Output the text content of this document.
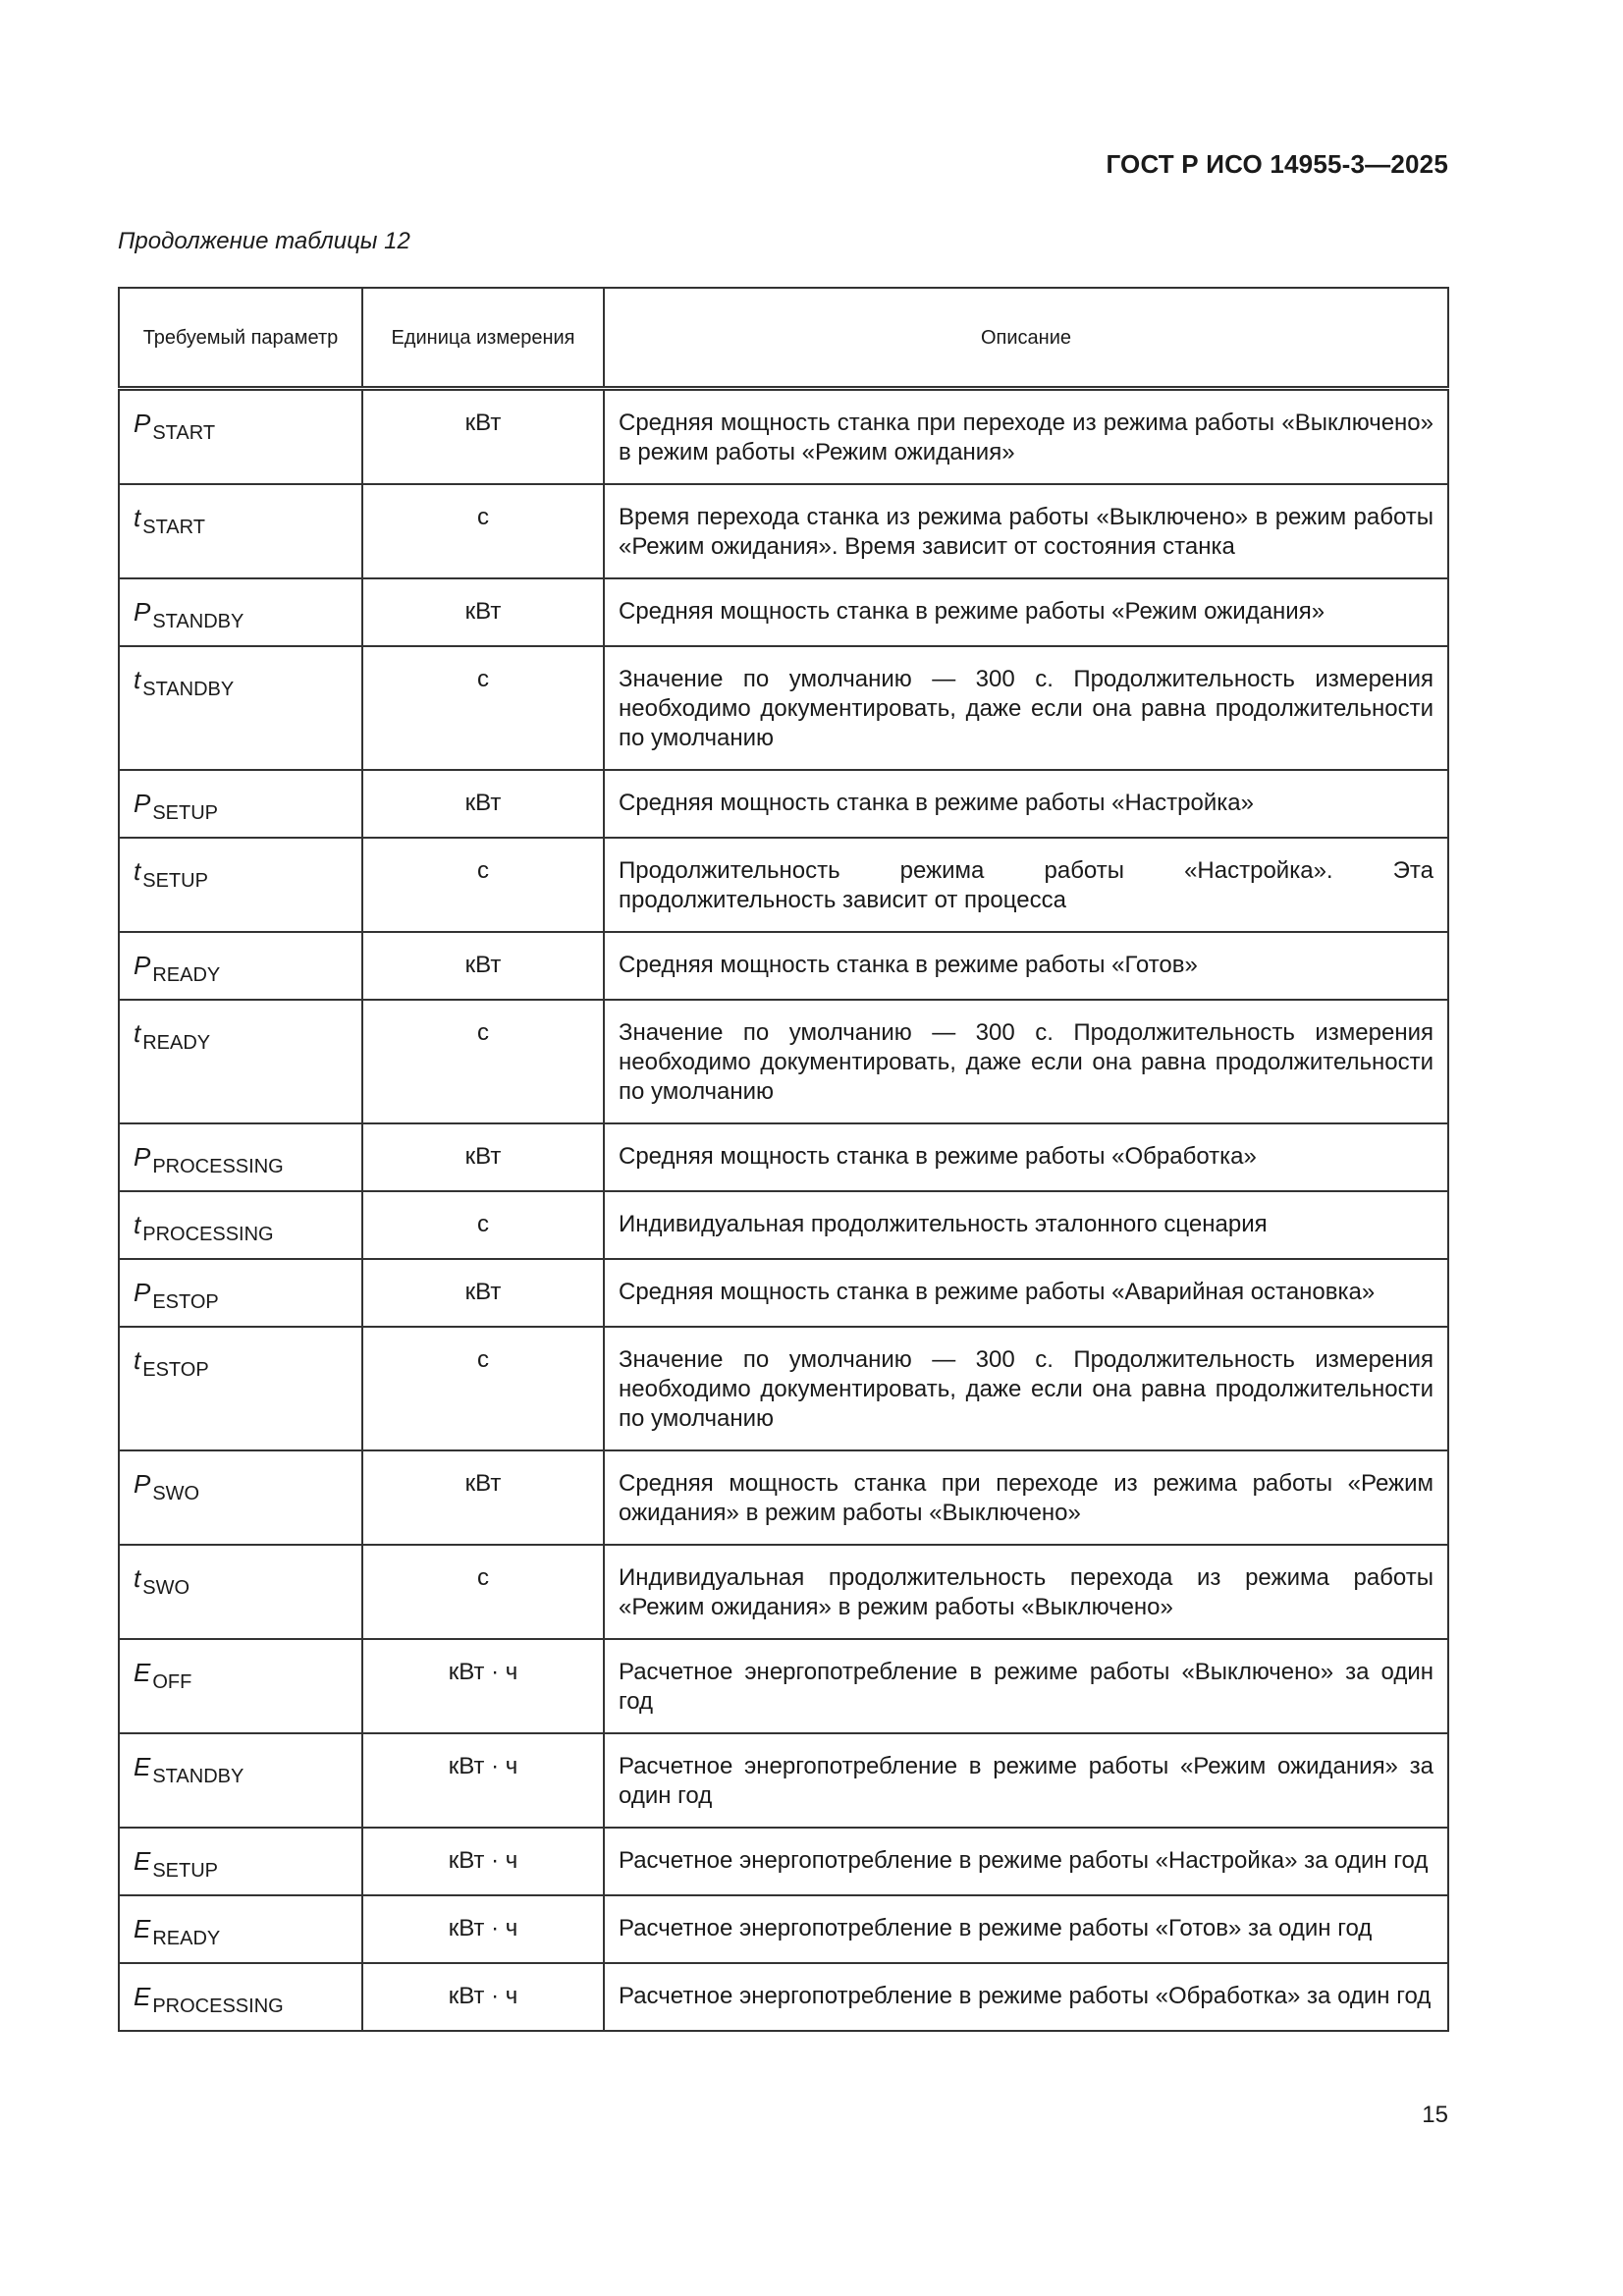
ГОСТ Р ИСО 14955-3—2025
Продолжение таблицы 12
Требуемый параметр	Единица измерения	Описание
P $_{START}$	кВт	Средняя мощность станка при переходе из режима работы «Выключено» в режим работы «Режим ожидания»
t $_{START}$	с	Время перехода станка из режима работы «Выключено» в режим работы «Режим ожидания». Время зависит от состояния станка
P $_{STANDBY}$	кВт	Средняя мощность станка в режиме работы «Режим ожидания»
t $_{STANDBY}$	с	Значение по умолчанию — 300 с. Продолжительность измерения необходимо документировать, даже если она равна продолжительности по умолчанию
P $_{SETUP}$	кВт	Средняя мощность станка в режиме работы «Настройка»
t $_{SETUP}$	с	Продолжительность режима работы «Настройка». Эта продолжительность зависит от процесса
P $_{READY}$	кВт	Средняя мощность станка в режиме работы «Готов»
t $_{READY}$	с	Значение по умолчанию — 300 с. Продолжительность измерения необходимо документировать, даже если она равна продолжительности по умолчанию
P $_{PROCESSING}$	кВт	Средняя мощность станка в режиме работы «Обработка»
t $_{PROCESSING}$	с	Индивидуальная продолжительность эталонного сценария
P $_{ESTOP}$	кВт	Средняя мощность станка в режиме работы «Аварийная остановка»
t $_{ESTOP}$	с	Значение по умолчанию — 300 с. Продолжительность измерения необходимо документировать, даже если она равна продолжительности по умолчанию
P $_{SWO}$	кВт	Средняя мощность станка при переходе из режима работы «Режим ожидания» в режим работы «Выключено»
t $_{SWO}$	с	Индивидуальная продолжительность перехода из режима работы «Режим ожидания» в режим работы «Выключено»
E $_{OFF}$	кВт · ч	Расчетное энергопотребление в режиме работы «Выключено» за один год
E $_{STANDBY}$	кВт · ч	Расчетное энергопотребление в режиме работы «Режим ожидания» за один год
E $_{SETUP}$	кВт · ч	Расчетное энергопотребление в режиме работы «Настройка» за один год
E $_{READY}$	кВт · ч	Расчетное энергопотребление в режиме работы «Готов» за один год
E $_{PROCESSING}$	кВт · ч	Расчетное энергопотребление в режиме работы «Обработка» за один год
15
